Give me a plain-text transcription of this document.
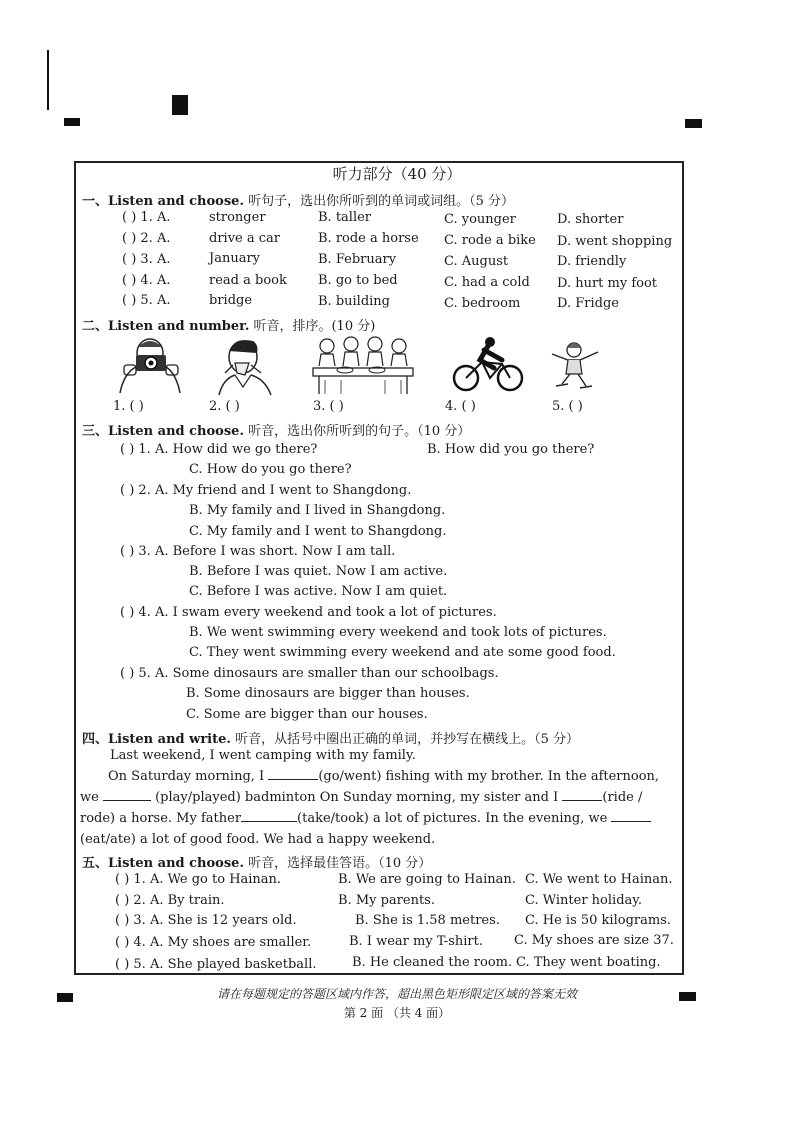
听力部分（40 分）
一、Listen and choose. 听句子，选出你所听到的单词或词组。（5 分）
( ) 1. A.	stronger	B. taller	C. younger	D. shorter
( ) 2. A.	drive a car	B. rode a horse C. rode a bike D. went shopping
( ) 3. A.	January	B. February	C. August	D. friendly
( ) 4. A.	read a book B. go to bed	C. had a cold D. hurt my foot
( ) 5. A.	bridge	B. building	C. bedroom	D. Fridge
二、Listen and number. 听音，排序。(10 分)
1. ( )	2. ( )	3. ( )	4. ( )	5. ( )
三、Listen and choose. 听音，选出你所听到的句子。（10 分）
( ) 1. A. How did we go there?	B. How did you go there?
C. How do you go there?
( ) 2. A. My friend and I went to Shangdong.
B. My family and I lived in Shangdong.
C. My family and I went to Shangdong.
( ) 3. A. Before I was short. Now I am tall.
B. Before I was quiet. Now I am active.
C. Before I was active. Now I am quiet.
( ) 4. A. I swam every weekend and took a lot of pictures.
B. We went swimming every weekend and took lots of pictures.
C. They went swimming every weekend and ate some good food.
( ) 5. A. Some dinosaurs are smaller than our schoolbags.
B. Some dinosaurs are bigger than houses.
C. Some are bigger than our houses.
四、Listen and write. 听音，从括号中圈出正确的单词，并抄写在横线上。（5 分）
Last weekend, I went camping with my family.
On Saturday morning, I	(go/went) fishing with my brother. In the afternoon, we	(play/played) badminton On Sunday morning, my sister and I	(ride / rode) a horse. My father	(take/took) a lot of pictures. In the evening, we (eat/ate) a lot of good food. We had a happy weekend.
五、Listen and choose. 听音，选择最佳答语。（10 分）
( ) 1. A. We go to Hainan.	B. We are going to Hainan. C. We went to Hainan.
( ) 2. A. By train.	B. My parents.	C. Winter holiday.
( ) 3. A. She is 12 years old.	B. She is 1.58 metres. C. He is 50 kilograms.
( ) 4. A. My shoes are smaller.	B. I wear my T-shirt. C. My shoes are size 37.
( ) 5. A. She played basketball.	B. He cleaned the room. C. They went boating.
请在每题规定的答题区域内作答，超出黑色矩形限定区域的答案无效
第 2 面 （共 4 面）
